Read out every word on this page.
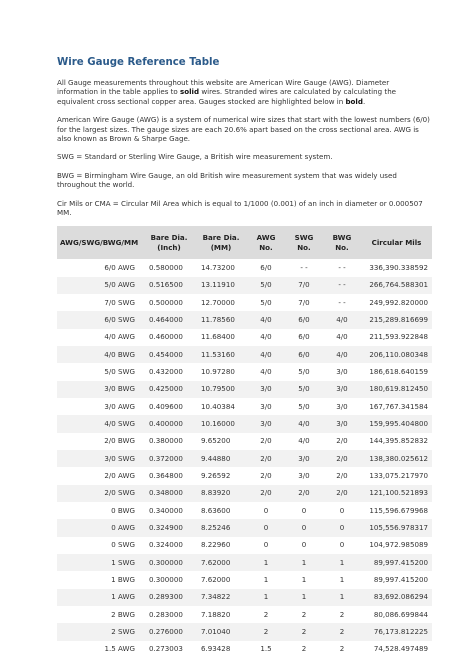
Wire Gauge Reference Table

All Gauge measurements throughout this website are American Wire Gauge (AWG). Diameter information in the table applies to solid wires. Stranded wires are calculated by calculating the equivalent cross sectional copper area. Gauges stocked are highlighted below in bold.

American Wire Gauge (AWG) is a system of numerical wire sizes that start with the lowest numbers (6/0) for the largest sizes. The gauge sizes are each 20.6% apart based on the cross sectional area. AWG is also known as Brown & Sharpe Gage.

SWG = Standard or Sterling Wire Gauge, a British wire measurement system.

BWG = Birmingham Wire Gauge, an old British wire measurement system that was widely used throughout the world.

Cir Mils or CMA = Circular Mil Area which is equal to 1/1000 (0.001) of an inch in diameter or 0.000507 MM.

AWG/SWG/BWG/MM	Bare Dia. (Inch)	Bare Dia. (MM)	AWG No.	SWG No.	BWG No.	Circular Mils
6/0 AWG	0.580000	14.73200	6/0	- -	- -	336,390.338592
5/0 AWG	0.516500	13.11910	5/0	7/0	- -	266,764.588301
7/0 SWG	0.500000	12.70000	5/0	7/0	- -	249,992.820000
6/0 SWG	0.464000	11.78560	4/0	6/0	4/0	215,289.816699
4/0 AWG	0.460000	11.68400	4/0	6/0	4/0	211,593.922848
4/0 BWG	0.454000	11.53160	4/0	6/0	4/0	206,110.080348
5/0 SWG	0.432000	10.97280	4/0	5/0	3/0	186,618.640159
3/0 BWG	0.425000	10.79500	3/0	5/0	3/0	180,619.812450
3/0 AWG	0.409600	10.40384	3/0	5/0	3/0	167,767.341584
4/0 SWG	0.400000	10.16000	3/0	4/0	3/0	159,995.404800
2/0 BWG	0.380000	9.65200	2/0	4/0	2/0	144,395.852832
3/0 SWG	0.372000	9.44880	2/0	3/0	2/0	138,380.025612
2/0 AWG	0.364800	9.26592	2/0	3/0	2/0	133,075.217970
2/0 SWG	0.348000	8.83920	2/0	2/0	2/0	121,100.521893
0 BWG	0.340000	8.63600	0	0	0	115,596.679968
0 AWG	0.324900	8.25246	0	0	0	105,556.978317
0 SWG	0.324000	8.22960	0	0	0	104,972.985089
1 SWG	0.300000	7.62000	1	1	1	89,997.415200
1 BWG	0.300000	7.62000	1	1	1	89,997.415200
1 AWG	0.289300	7.34822	1	1	1	83,692.086294
2 BWG	0.283000	7.18820	2	2	2	80,086.699844
2 SWG	0.276000	7.01040	2	2	2	76,173.812225
1.5 AWG	0.273003	6.93428	1.5	2	2	74,528.497489
